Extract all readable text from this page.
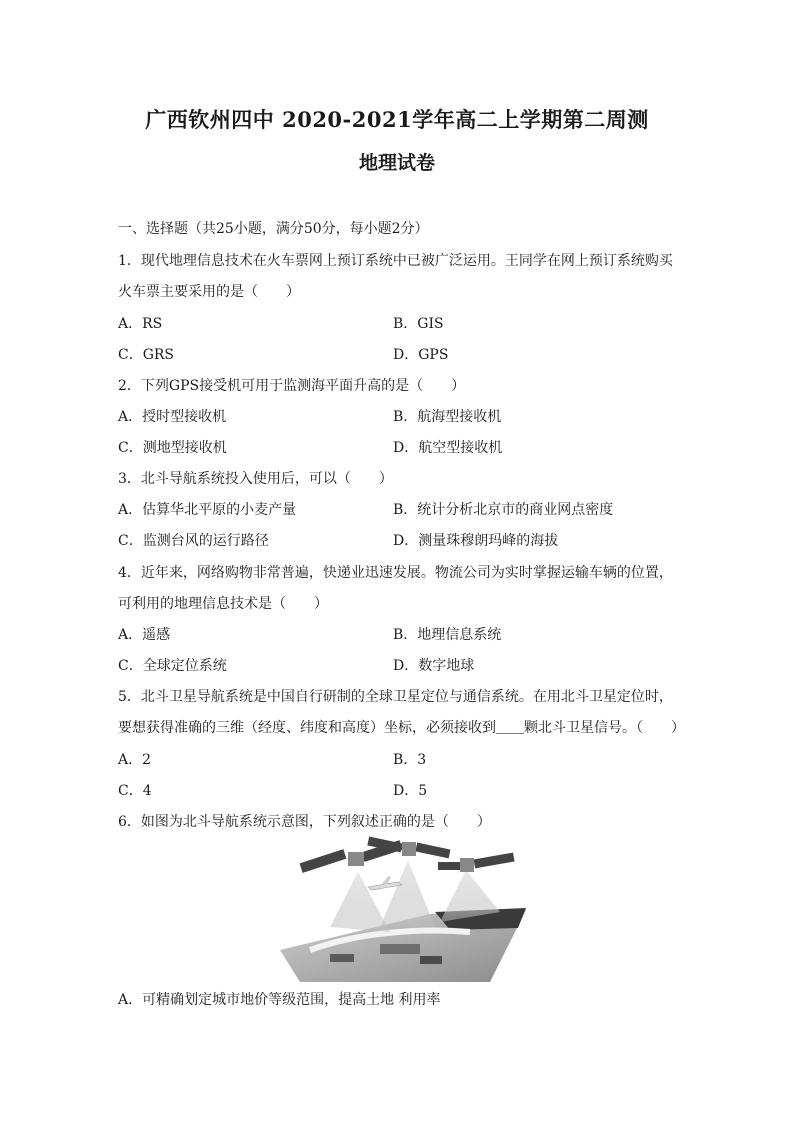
广西钦州四中 2020-2021学年高二上学期第二周测
地理试卷
一、选择题（共25小题，满分50分，每小题2分）
1．现代地理信息技术在火车票网上预订系统中已被广泛运用。王同学在网上预订系统购买
火车票主要采用的是（　　）
A．RS	B．GIS
C．GRS	D．GPS
2．下列GPS接受机可用于监测海平面升高的是（　　）
A．授时型接收机	B．航海型接收机
C．测地型接收机	D．航空型接收机
3．北斗导航系统投入使用后，可以（　　）
A．估算华北平原的小麦产量	B．统计分析北京市的商业网点密度
C．监测台风的运行路径	D．测量珠穆朗玛峰的海拔
4．近年来，网络购物非常普遍，快递业迅速发展。物流公司为实时掌握运输车辆的位置，
可利用的地理信息技术是（　　）
A．遥感	B．地理信息系统
C．全球定位系统	D．数字地球
5．北斗卫星导航系统是中国自行研制的全球卫星定位与通信系统。在用北斗卫星定位时，
要想获得准确的三维（经度、纬度和高度）坐标，必须接收到＿＿颗北斗卫星信号。（　　）
A．2	B．3
C．4	D．5
6．如图为北斗导航系统示意图，下列叙述正确的是（　　）
A．可精确划定城市地价等级范围，提高土地 利用率
